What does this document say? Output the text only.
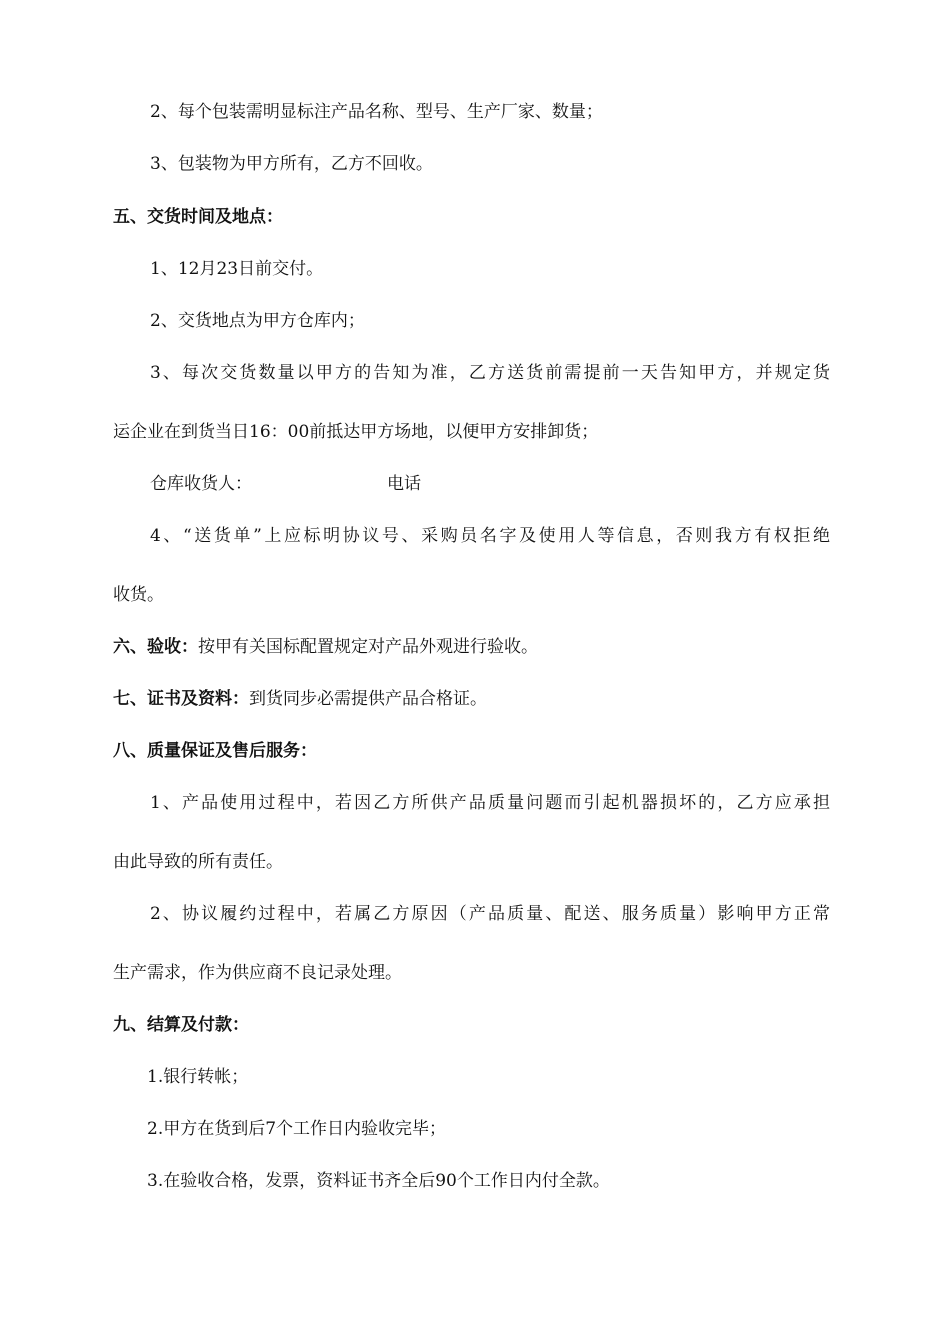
2、每个包装需明显标注产品名称、型号、生产厂家、数量；
3、包装物为甲方所有，乙方不回收。
五、交货时间及地点：
1、12月23日前交付。
2、交货地点为甲方仓库内；
3、每次交货数量以甲方的告知为准，乙方送货前需提前一天告知甲方，并规定货
运企业在到货当日16：00前抵达甲方场地，以便甲方安排卸货；
仓库收货人：	电话
4、“送货单”上应标明协议号、采购员名字及使用人等信息，否则我方有权拒绝
收货。
六、验收：按甲有关国标配置规定对产品外观进行验收。
七、证书及资料：到货同步必需提供产品合格证。
八、质量保证及售后服务：
1、产品使用过程中，若因乙方所供产品质量问题而引起机器损坏的，乙方应承担
由此导致的所有责任。
2、协议履约过程中，若属乙方原因（产品质量、配送、服务质量）影响甲方正常
生产需求，作为供应商不良记录处理。
九、结算及付款：
1.银行转帐；
2.甲方在货到后7个工作日内验收完毕；
3.在验收合格，发票，资料证书齐全后90个工作日内付全款。
